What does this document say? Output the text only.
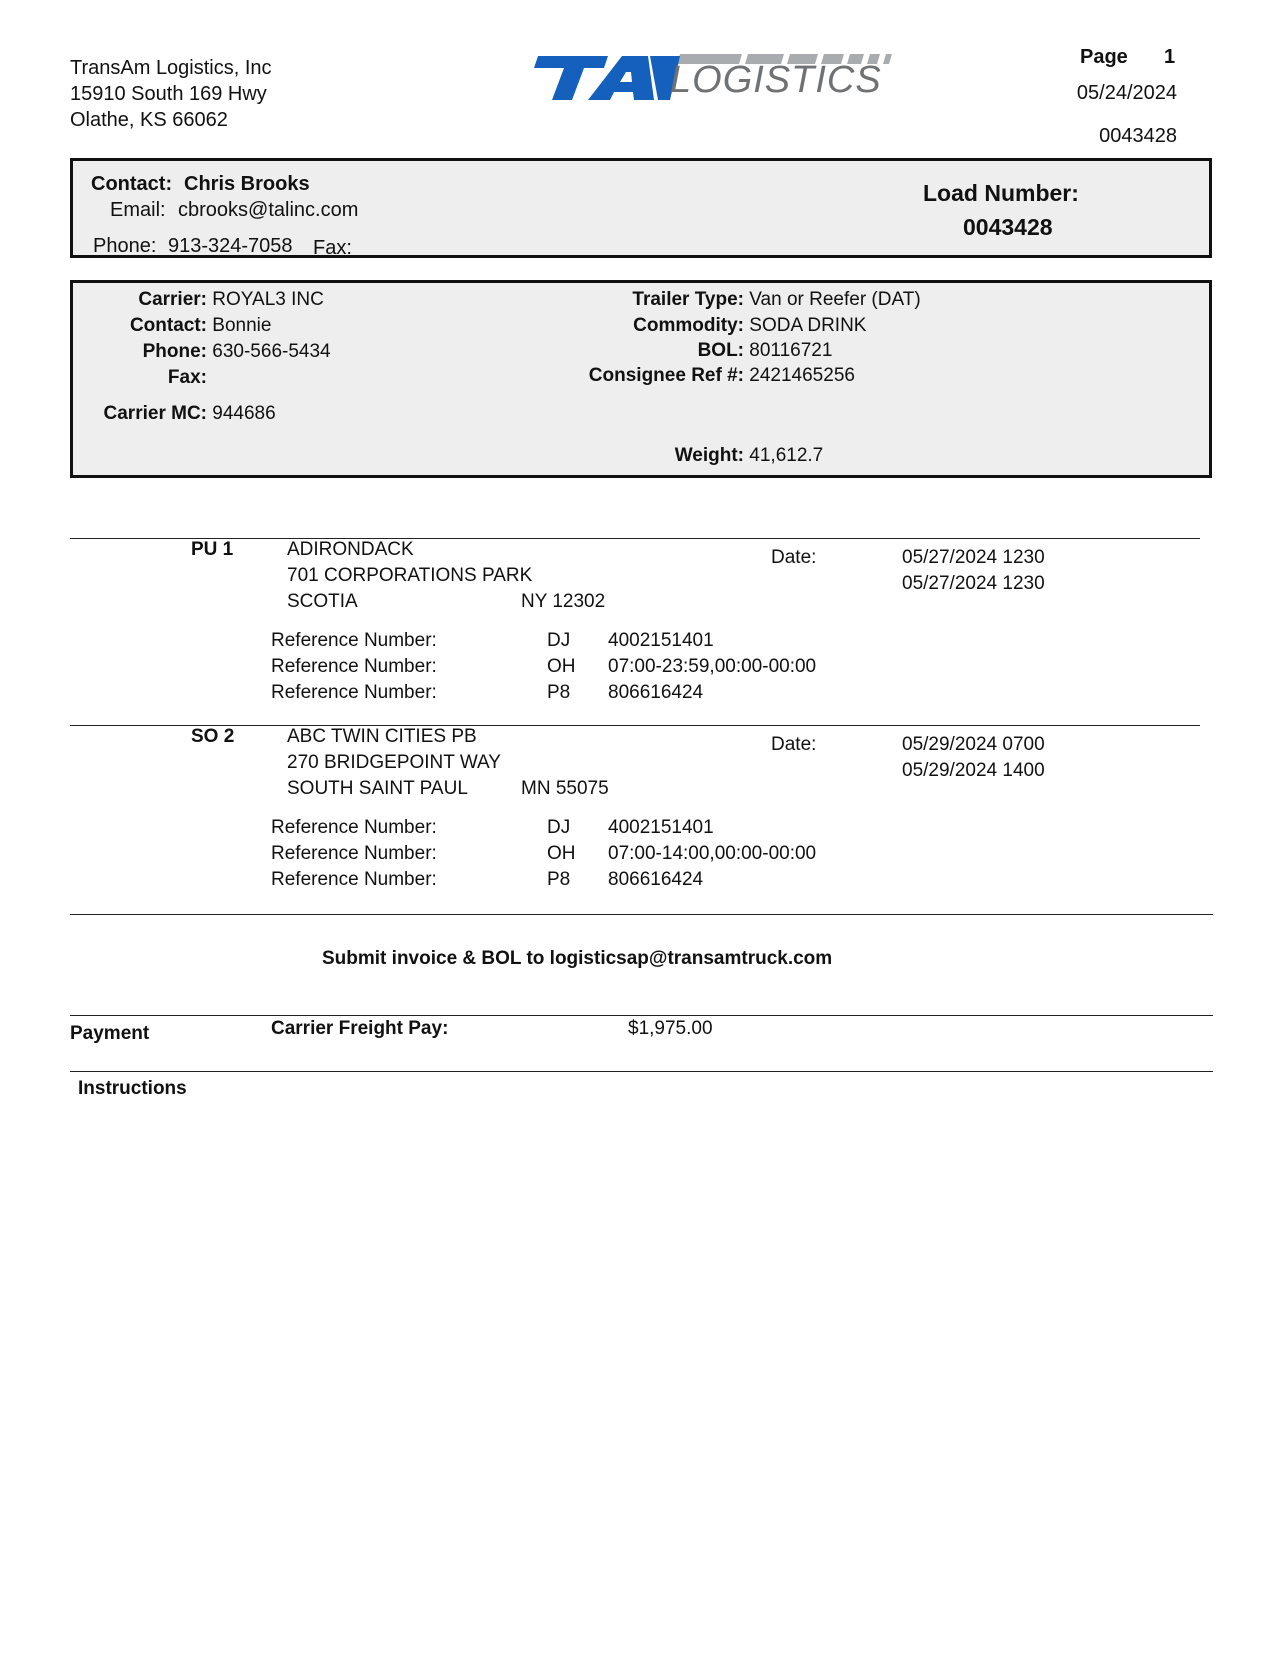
TransAm Logistics, Inc
15910 South 169 Hwy
Olathe, KS 66062
LOGISTICS
Page 1
05/24/2024
0043428
Contact: Chris Brooks
Email: cbrooks@talinc.com
Phone: 913-324-7058 Fax:
Load Number:
0043428
Carrier: ROYAL3 INC
Contact: Bonnie
Phone: 630-566-5434
Fax:
Carrier MC: 944686
Trailer Type: Van or Reefer (DAT)
Commodity: SODA DRINK
BOL: 80116721
Consignee Ref #: 2421465256
Weight: 41,612.7
PU 1	ADIRONDACK
701 CORPORATIONS PARK
SCOTIA	NY 12302
Date:	05/27/2024 1230
05/27/2024 1230
Reference Number:	DJ 4002151401
Reference Number:	OH 07:00-23:59,00:00-00:00
Reference Number:	P8 806616424
SO 2	ABC TWIN CITIES PB
270 BRIDGEPOINT WAY
SOUTH SAINT PAUL	MN 55075
Date:	05/29/2024 0700
05/29/2024 1400
Reference Number:	DJ 4002151401
Reference Number:	OH 07:00-14:00,00:00-00:00
Reference Number:	P8 806616424
Submit invoice & BOL to logisticsap@transamtruck.com
Payment	Carrier Freight Pay:	$1,975.00
Instructions
